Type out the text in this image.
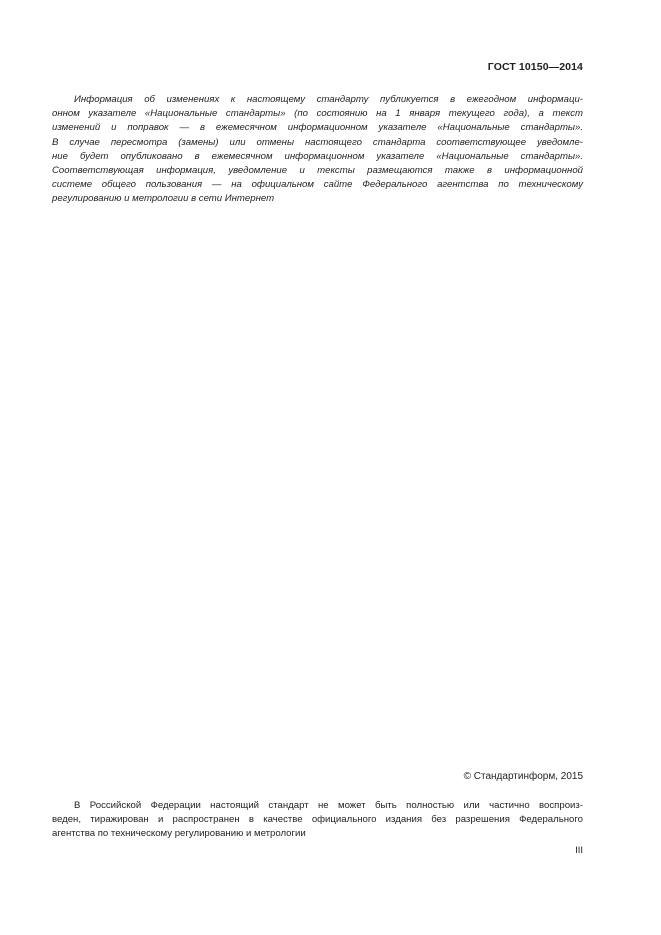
ГОСТ 10150—2014
Информация об изменениях к настоящему стандарту публикуется в ежегодном информаци-
онном указателе «Национальные стандарты» (по состоянию на 1 января текущего года), а текст
изменений и поправок — в ежемесячном информационном указателе «Национальные стандарты».
В случае пересмотра (замены) или отмены настоящего стандарта соответствующее уведомле-
ние будет опубликовано в ежемесячном информационном указателе «Национальные стандарты».
Соответствующая информация, уведомление и тексты размещаются также в информационной
системе общего пользования — на официальном сайте Федерального агентства по техническому
регулированию и метрологии в сети Интернет
© Стандартинформ, 2015
В Российской Федерации настоящий стандарт не может быть полностью или частично воспроиз-
веден, тиражирован и распространен в качестве официального издания без разрешения Федерального
агентства по техническому регулированию и метрологии
III
